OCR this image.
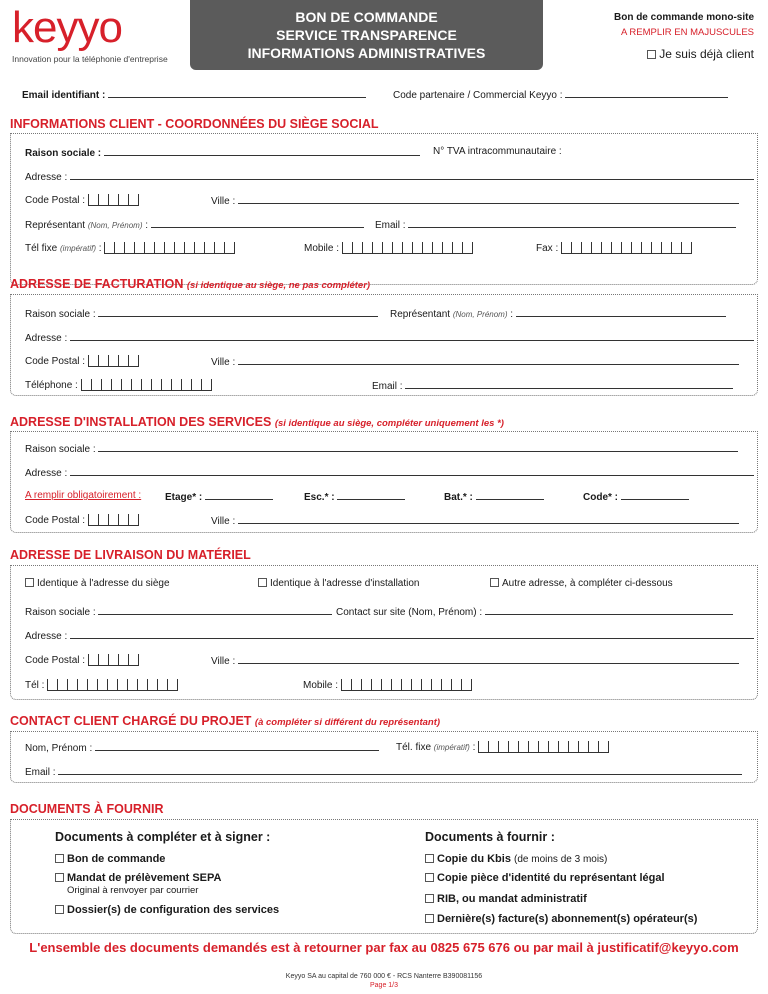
keyyo
Innovation pour la téléphonie d'entreprise
BON DE COMMANDE
SERVICE TRANSPARENCE
INFORMATIONS ADMINISTRATIVES
Bon de commande mono-site
A REMPLIR EN MAJUSCULES
Je suis déjà client
Email identifiant :	Code partenaire / Commercial Keyyo :
INFORMATIONS CLIENT - COORDONNÉES DU SIÈGE SOCIAL
Raison sociale :	N° TVA intracommunautaire :
Adresse :
Code Postal :	Ville :
Représentant (Nom, Prénom) :	Email :
Tél fixe (impératif) :	Mobile :	Fax :
ADRESSE DE FACTURATION (si identique au siège, ne pas compléter)
Raison sociale :	Représentant (Nom, Prénom) :
Adresse :
Code Postal :	Ville :
Téléphone :	Email :
ADRESSE D'INSTALLATION DES SERVICES (si identique au siège, compléter uniquement les *)
Raison sociale :
Adresse :
A remplir obligatoirement : Etage* :	Esc.* :	Bat.* :	Code* :
Code Postal :	Ville :
ADRESSE DE LIVRAISON DU MATÉRIEL
Identique à l'adresse du siège	Identique à l'adresse d'installation	Autre adresse, à compléter ci-dessous
Raison sociale :	Contact sur site (Nom, Prénom) :
Adresse :
Code Postal :	Ville :
Tél :	Mobile :
CONTACT CLIENT CHARGÉ DU PROJET (à compléter si différent du représentant)
Nom, Prénom :	Tél. fixe (impératif) :
Email :
DOCUMENTS À FOURNIR
Documents à compléter et à signer :	Documents à fournir :
Bon de commande
Mandat de prélèvement SEPA
Original à renvoyer par courrier
Dossier(s) de configuration des services
Copie du Kbis (de moins de 3 mois)
Copie pièce d'identité du représentant légal
RIB, ou mandat administratif
Dernière(s) facture(s) abonnement(s) opérateur(s)
L'ensemble des documents demandés est à retourner par fax au 0825 675 676 ou par mail à justificatif@keyyo.com
Keyyo SA au capital de 760 000 € - RCS Nanterre B390081156
Page 1/3
